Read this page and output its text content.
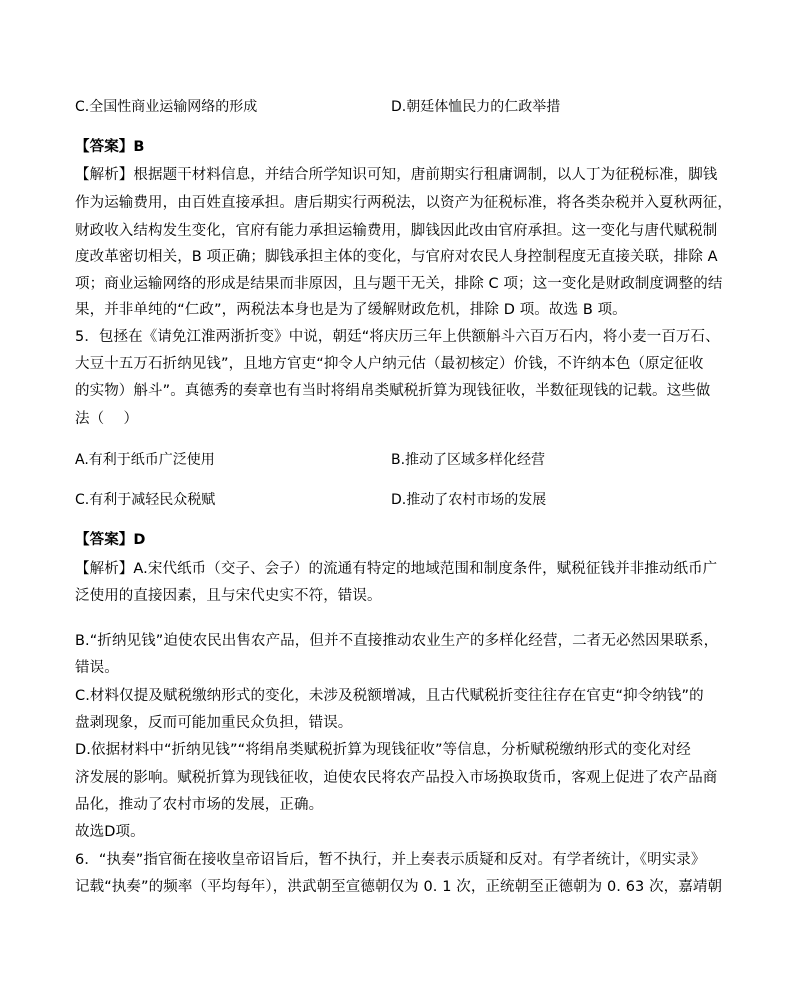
C.全国性商业运输网络的形成	D.朝廷体恤民力的仁政举措
【答案】B
【解析】根据题干材料信息，并结合所学知识可知，唐前期实行租庸调制，以人丁为征税标准，脚钱
作为运输费用，由百姓直接承担。唐后期实行两税法，以资产为征税标准，将各类杂税并入夏秋两征，
财政收入结构发生变化，官府有能力承担运输费用，脚钱因此改由官府承担。这一变化与唐代赋税制
度改革密切相关，B 项正确；脚钱承担主体的变化，与官府对农民人身控制程度无直接关联，排除 A
项；商业运输网络的形成是结果而非原因，且与题干无关，排除 C 项；这一变化是财政制度调整的结
果，并非单纯的“仁政”，两税法本身也是为了缓解财政危机，排除 D 项。故选 B 项。
5．包拯在《请免江淮两浙折变》中说，朝廷“将庆历三年上供额斛斗六百万石内，将小麦一百万石、
大豆十五万石折纳见钱”，且地方官吏“抑令人户纳元估（最初核定）价钱，不许纳本色（原定征收
的实物）斛斗”。真德秀的奏章也有当时将绢帛类赋税折算为现钱征收，半数征现钱的记载。这些做
法（　 ）
A.有利于纸币广泛使用	B.推动了区域多样化经营
C.有利于减轻民众税赋	D.推动了农村市场的发展
【答案】D
【解析】A.宋代纸币（交子、会子）的流通有特定的地域范围和制度条件，赋税征钱并非推动纸币广
泛使用的直接因素，且与宋代史实不符，错误。
B.“折纳见钱”迫使农民出售农产品，但并不直接推动农业生产的多样化经营，二者无必然因果联系，
错误。
C.材料仅提及赋税缴纳形式的变化，未涉及税额增减，且古代赋税折变往往存在官吏“抑令纳钱”的
盘剥现象，反而可能加重民众负担，错误。
D.依据材料中“折纳见钱”“将绢帛类赋税折算为现钱征收”等信息，分析赋税缴纳形式的变化对经
济发展的影响。赋税折算为现钱征收，迫使农民将农产品投入市场换取货币，客观上促进了农产品商
品化，推动了农村市场的发展，正确。
故选D项。
6．“执奏”指官衙在接收皇帝诏旨后，暂不执行，并上奏表示质疑和反对。有学者统计，《明实录》
记载“执奏”的频率（平均每年），洪武朝至宣德朝仅为 0. 1 次，正统朝至正德朝为 0. 63 次，嘉靖朝
